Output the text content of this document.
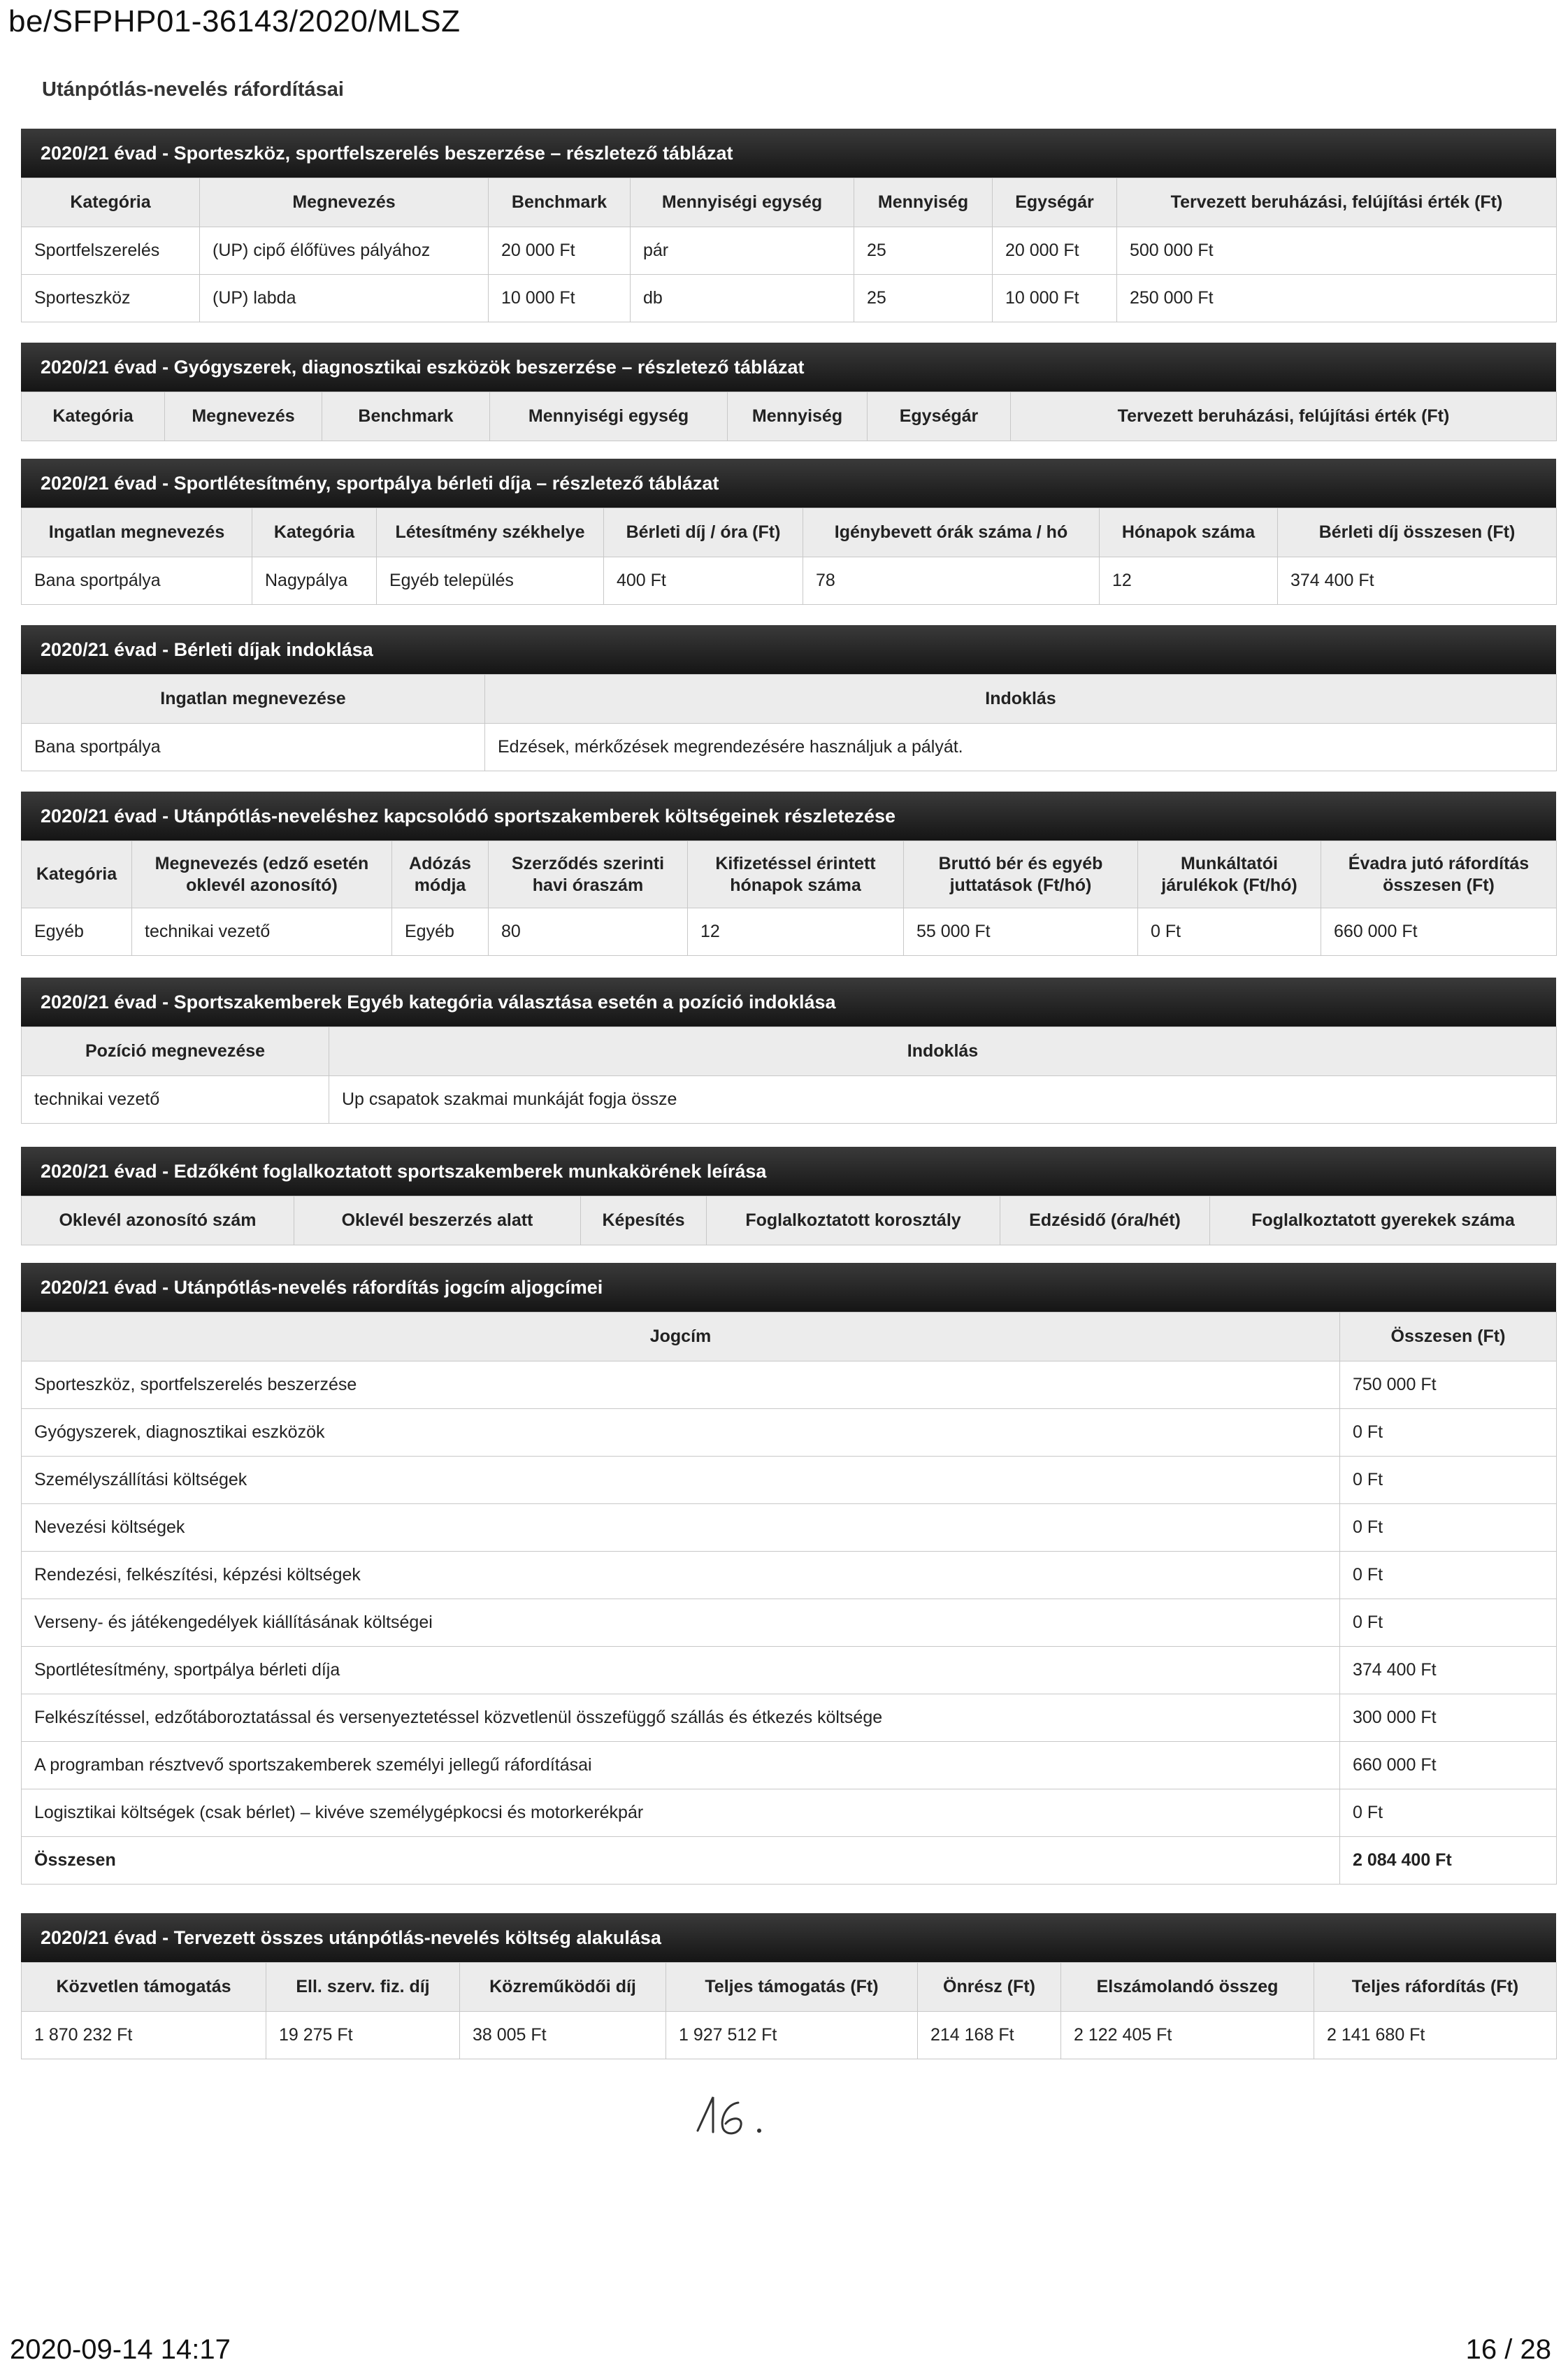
be/SFPHP01-36143/2020/MLSZ
Utánpótlás-nevelés ráfordításai
2020/21 évad - Sporteszköz, sportfelszerelés beszerzése – részletező táblázat
Kategória	Megnevezés	Benchmark	Mennyiségi egység	Mennyiség	Egységár	Tervezett beruházási, felújítási érték (Ft)
Sportfelszerelés	(UP) cipő élőfüves pályához	20 000 Ft	pár	25	20 000 Ft	500 000 Ft
Sporteszköz	(UP) labda	10 000 Ft	db	25	10 000 Ft	250 000 Ft
2020/21 évad - Gyógyszerek, diagnosztikai eszközök beszerzése – részletező táblázat
Kategória	Megnevezés	Benchmark	Mennyiségi egység	Mennyiség	Egységár	Tervezett beruházási, felújítási érték (Ft)
2020/21 évad - Sportlétesítmény, sportpálya bérleti díja – részletező táblázat
Ingatlan megnevezés	Kategória	Létesítmény székhelye	Bérleti díj / óra (Ft)	Igénybevett órák száma / hó	Hónapok száma	Bérleti díj összesen (Ft)
Bana sportpálya	Nagypálya	Egyéb település	400 Ft	78	12	374 400 Ft
2020/21 évad - Bérleti díjak indoklása
Ingatlan megnevezése	Indoklás
Bana sportpálya	Edzések, mérkőzések megrendezésére használjuk a pályát.
2020/21 évad - Utánpótlás-neveléshez kapcsolódó sportszakemberek költségeinek részletezése
Kategória	Megnevezés (edző esetén oklevél azonosító)	Adózás módja	Szerződés szerinti havi óraszám	Kifizetéssel érintett hónapok száma	Bruttó bér és egyéb juttatások (Ft/hó)	Munkáltatói járulékok (Ft/hó)	Évadra jutó ráfordítás összesen (Ft)
Egyéb	technikai vezető	Egyéb	80	12	55 000 Ft	0 Ft	660 000 Ft
2020/21 évad - Sportszakemberek Egyéb kategória választása esetén a pozíció indoklása
Pozíció megnevezése	Indoklás
technikai vezető	Up csapatok szakmai munkáját fogja össze
2020/21 évad - Edzőként foglalkoztatott sportszakemberek munkakörének leírása
Oklevél azonosító szám	Oklevél beszerzés alatt	Képesítés	Foglalkoztatott korosztály	Edzésidő (óra/hét)	Foglalkoztatott gyerekek száma
2020/21 évad - Utánpótlás-nevelés ráfordítás jogcím aljogcímei
Jogcím	Összesen (Ft)
Sporteszköz, sportfelszerelés beszerzése	750 000 Ft
Gyógyszerek, diagnosztikai eszközök	0 Ft
Személyszállítási költségek	0 Ft
Nevezési költségek	0 Ft
Rendezési, felkészítési, képzési költségek	0 Ft
Verseny- és játékengedélyek kiállításának költségei	0 Ft
Sportlétesítmény, sportpálya bérleti díja	374 400 Ft
Felkészítéssel, edzőtáboroztatással és versenyeztetéssel közvetlenül összefüggő szállás és étkezés költsége	300 000 Ft
A programban résztvevő sportszakemberek személyi jellegű ráfordításai	660 000 Ft
Logisztikai költségek (csak bérlet) – kivéve személygépkocsi és motorkerékpár	0 Ft
Összesen	2 084 400 Ft
2020/21 évad - Tervezett összes utánpótlás-nevelés költség alakulása
Közvetlen támogatás	Ell. szerv. fiz. díj	Közreműködői díj	Teljes támogatás (Ft)	Önrész (Ft)	Elszámolandó összeg	Teljes ráfordítás (Ft)
1 870 232 Ft	19 275 Ft	38 005 Ft	1 927 512 Ft	214 168 Ft	2 122 405 Ft	2 141 680 Ft
2020-09-14 14:17	16 / 28
